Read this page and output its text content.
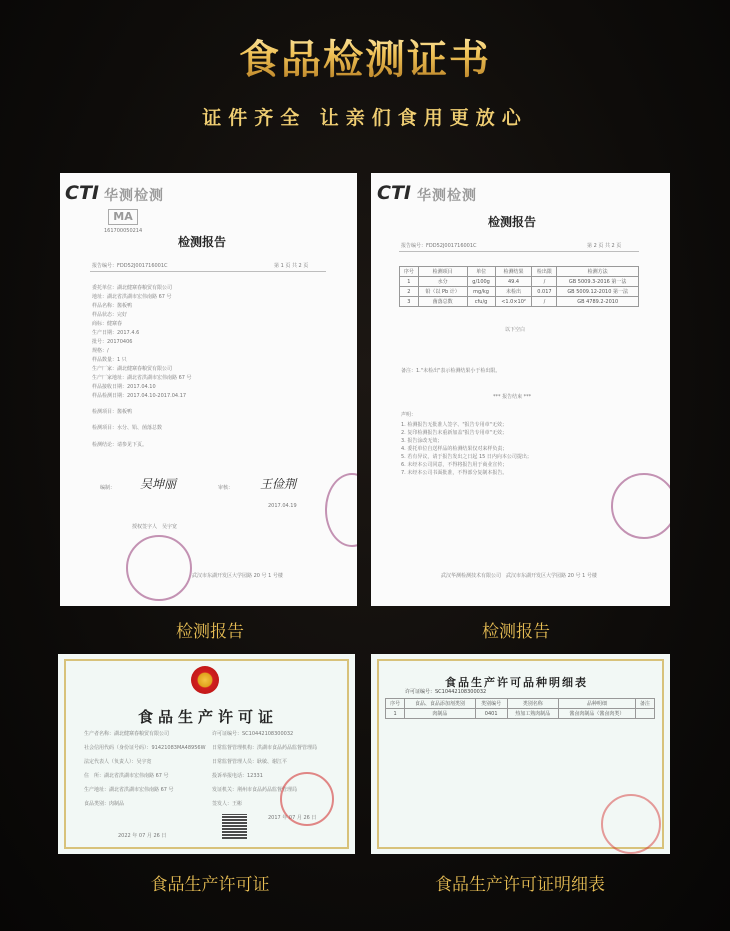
食品检测证书
证件齐全 让亲们食用更放心
CTI 华测检测
MA
161700050214
检测报告
报告编号：FDD52J001716001C	第 1 页 共 2 页
委托单位：湖北健寨春粮贸有限公司
地址：湖北省洪湖市宏伟南路 67 号
样品名称：酱板鸭
样品状态：完好
商标：健寨春
生产日期：2017.4.6
批号：20170406
规格：/
样品数量：1 只
生产厂家：湖北健寨春粮贸有限公司
生产厂家地址：湖北省洪湖市宏伟南路 67 号
样品接收日期：2017.04.10
样品检测日期：2017.04.10-2017.04.17
检测项目：酱板鸭
检测项目：水分、铅、菌落总数
检测结论：请参见下页。
编制： 吴坤丽	审核： 王俭荆
2017.04.19
授权签字人　吴宇宽
武汉市东湖开发区大学园路 20 号 1 号楼
检测报告
CTI 华测检测
检测报告
报告编号：FDD52J001716001C	第 2 页 共 2 页
序号	检测项目	单位	检测结果	检出限	检测方法
1	水分	g/100g	49.4	/	GB 5009.3-2016 第一法
2	铅（以 Pb 计）	mg/kg	未检出	0.017	GB 5009.12-2010 第一法
3	菌落总数	cfu/g	<1.0×10²	/	GB 4789.2-2010
以下空白
备注：1."未检出"表示检测结果小于检出限。
*** 报告结束 ***
声明：
1. 检测报告无批准人签字、"报告专用章"无效；
2. 复印检测报告未重新加盖"报告专用章"无效；
3. 报告涂改无效；
4. 委托单位自送样品的检测结果仅对来样负责；
5. 若有异议，请于报告发出之日起 15 日内向本公司提出；
6. 未经本公司同意，不得将报告用于商业宣传；
7. 未经本公司书面批准，不得部分复制本报告。
武汉华测检测技术有限公司　武汉市东湖开发区大学园路 20 号 1 号楼
检测报告
食品生产许可证
生产者名称：湖北健寨春粮贸有限公司
社会信用代码（身份证号码）：91421083MA48956W
法定代表人（负责人）：吴宇宽
住　所：湖北省洪湖市宏伟南路 67 号
生产地址：湖北省洪湖市宏伟南路 67 号
食品类别：肉制品
许可证编号：SC10442108300032
日常监督管理机构：洪湖市食品药品监督管理局
日常监督管理人员：耿敏、谢江平
投诉举报电话：12331
发证机关：荆州市食品药品监督管理局
签发人：王彬
2022 年 07 月 26 日
2017 年 07 月 26 日
食品生产许可证
食品生产许可品种明细表
许可证编号：SC10442108300032
序号	食品、食品添加剂类别	类别编号	类别名称	品种明细	备注
1	肉制品	0401	热加工熟肉制品	酱卤肉制品（酱卤肉类）	
食品生产许可证明细表
